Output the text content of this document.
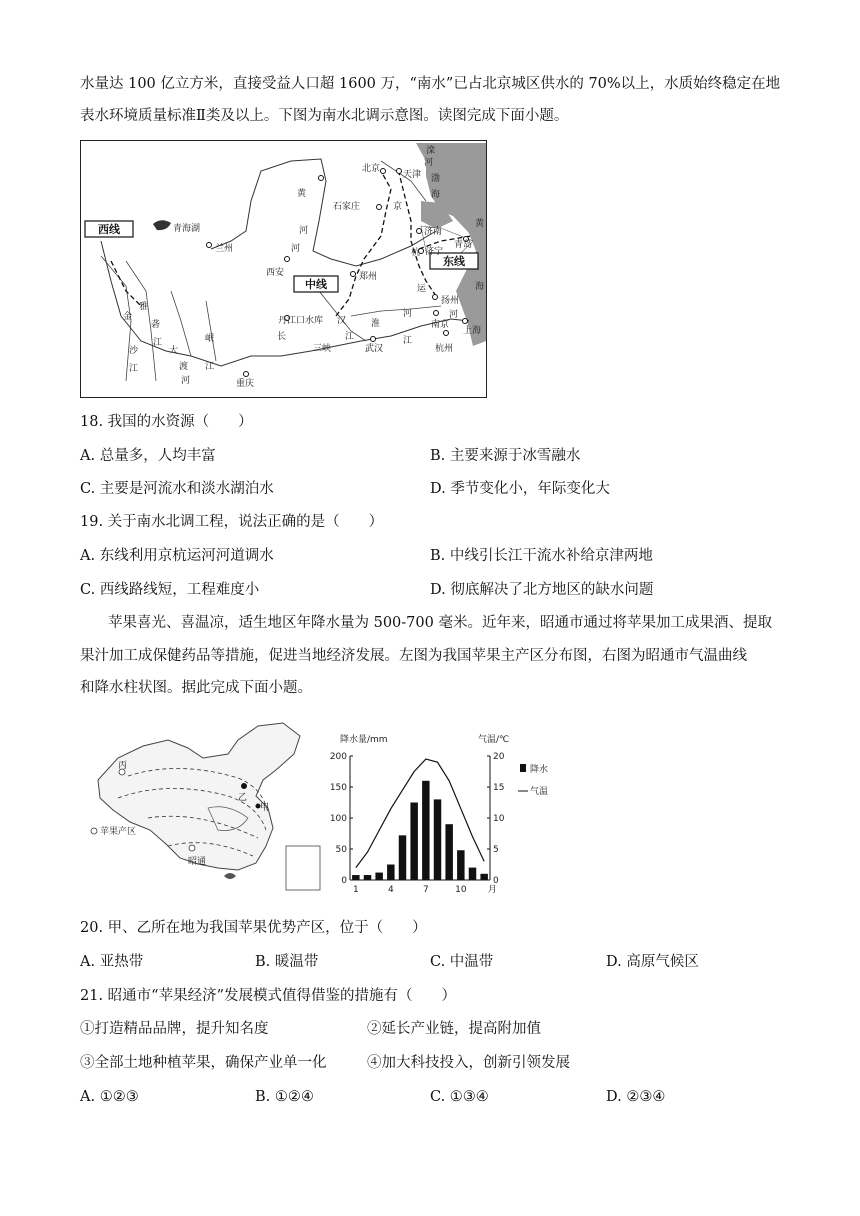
水量达 100 亿立方米，直接受益人口超 1600 万，“南水”已占北京城区供水的 70%以上，水质始终稳定在地
表水环境质量标准Ⅱ类及以上。下图为南水北调示意图。读图完成下面小题。
西线
中线
东线
青海湖
兰州
西安	郑州
北京
天津
石家庄
济南
济宁
青岛
扬州
南京
上海
杭州
武汉
重庆
三峡
丹江口水库
黄
河
滦
河
渤
海
黄
海
京
杭
运
河
汉
江
长	江
淮
河
金
沙
江
雅
砻
江
大
渡
河
岷
江
河
18. 我国的水资源（　　）
A. 总量多，人均丰富	B. 主要来源于冰雪融水
C. 主要是河流水和淡水湖泊水	D. 季节变化小，年际变化大
19. 关于南水北调工程，说法正确的是（　　）
A. 东线利用京杭运河河道调水	B. 中线引长江干流水补给京津两地
C. 西线路线短，工程难度小	D. 彻底解决了北方地区的缺水问题
苹果喜光、喜温凉，适生地区年降水量为 500-700 毫米。近年来，昭通市通过将苹果加工成果酒、提取
果汁加工成保健药品等措施，促进当地经济发展。左图为我国苹果主产区分布图，右图为昭通市气温曲线
和降水柱状图。据此完成下面小题。
丙
乙
甲
昭通
苹果产区
降水量/mm	气温/℃
0
50
100
150
200
0
5
10
15
20
1	4	7	10 月
降水
气温
20. 甲、乙所在地为我国苹果优势产区，位于（　　）
A. 亚热带	B. 暖温带	C. 中温带	D. 高原气候区
21. 昭通市“苹果经济”发展模式值得借鉴的措施有（　　）
①打造精品品牌，提升知名度	②延长产业链，提高附加值
③全部土地种植苹果，确保产业单一化	④加大科技投入，创新引领发展
A. ①②③	B. ①②④	C. ①③④	D. ②③④
